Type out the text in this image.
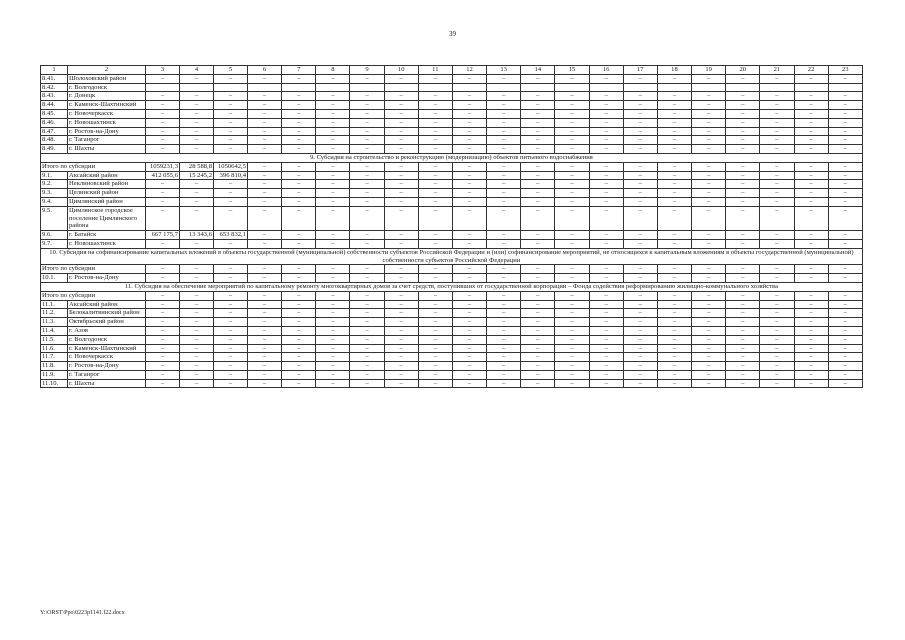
39
1	2	3	4	5	6	7	8	9	10	11	12	13	14	15	16	17	18	19	20	21	22	23
8.41.	Шолоховский район	–	–	–	–	–	–	–	–	–	–	–	–	–	–	–	–	–	–	–	–	–
8.42.	г. Волгодонск																					
8.43.	г. Донецк	–	–	–	–	–	–	–	–	–	–	–	–	–	–	–	–	–	–	–	–	–
8.44.	г. Каменск-Шахтинский	–	–	–	–	–	–	–	–	–	–	–	–	–	–	–	–	–	–	–	–	–
8.45.	г. Новочеркасск	–	–	–	–	–	–	–	–	–	–	–	–	–	–	–	–	–	–	–	–	–
8.46.	г. Новошахтинск	–	–	–	–	–	–	–	–	–	–	–	–	–	–	–	–	–	–	–	–	–
8.47.	г. Ростов-на-Дону	–	–	–	–	–	–	–	–	–	–	–	–	–	–	–	–	–	–	–	–	–
8.48.	г. Таганрог	–	–	–	–	–	–	–	–	–	–	–	–	–	–	–	–	–	–	–	–	–
8.49.	г. Шахты	–	–	–	–	–	–	–	–	–	–	–	–	–	–	–	–	–	–	–	–	–
9. Субсидия на строительство и реконструкцию (модернизацию) объектов питьевого водоснабжения																						
Итого по субсидии		1059231,3	28 588,8	1050642,5	–	–	–	–	–	–	–	–	–	–	–	–	–	–	–	–	–	–
9.1.	Аксайский район	412 055,6	15 245,2	396 810,4	–	–	–	–	–	–	–	–	–	–	–	–	–	–	–	–	–	–
9.2.	Неклиновский район	–	–	–	–	–	–	–	–	–	–	–	–	–	–	–	–	–	–	–	–	–
9.3.	Целинский район	–	–	–	–	–	–	–	–	–	–	–	–	–	–	–	–	–	–	–	–	–
9.4.	Цимлянский район	–	–	–	–	–	–	–	–	–	–	–	–	–	–	–	–	–	–	–	–	–
9.5.	Цимлянское городское поселение Цимлянского района	–	–	–	–	–	–	–	–	–	–	–	–	–	–	–	–	–	–	–	–	–
9.6.	г. Батайск	667 175,7	13 343,6	653 832,1	–	–	–	–	–	–	–	–	–	–	–	–	–	–	–	–	–	–
9.7.	г. Новошахтинск	–	–	–	–	–	–	–	–	–	–	–	–	–	–	–	–	–	–	–	–	–
10. Субсидия на софинансирование капитальных вложений в объекты государственной (муниципальной) собственности субъектов Российской Федерации и (или) софинансирование мероприятий, не относящихся к капитальным вложениям в объекты государственной (муниципальной) собственности субъектов Российской Федерации																						
Итого по субсидии		–	–	–	–	–	–	–	–	–	–	–	–	–	–	–	–	–	–	–	–	–
10.1.	г. Ростов-на-Дону	–	–	–	–	–	–	–	–	–	–	–	–	–	–	–	–	–	–	–	–	–
11. Субсидия на обеспечение мероприятий по капитальному ремонту многоквартирных домов за счет средств, поступивших от государственной корпорации – Фонда содействия реформированию жилищно-коммунального хозяйства																						
Итого по субсидии		–	–	–	–	–	–	–	–	–	–	–	–	–	–	–	–	–	–	–	–	–
11.1.	Аксайский район	–	–	–	–	–	–	–	–	–	–	–	–	–	–	–	–	–	–	–	–	–
11.2.	Белокалитвинский район	–	–	–	–	–	–	–	–	–	–	–	–	–	–	–	–	–	–	–	–	–
11.3.	Октябрьский район	–	–	–	–	–	–	–	–	–	–	–	–	–	–	–	–	–	–	–	–	–
11.4.	г. Азов	–	–	–	–	–	–	–	–	–	–	–	–	–	–	–	–	–	–	–	–	–
11.5.	г. Волгодонск	–	–	–	–	–	–	–	–	–	–	–	–	–	–	–	–	–	–	–	–	–
11.6.	г. Каменск-Шахтинский	–	–	–	–	–	–	–	–	–	–	–	–	–	–	–	–	–	–	–	–	–
11.7.	г. Новочеркасск	–	–	–	–	–	–	–	–	–	–	–	–	–	–	–	–	–	–	–	–	–
11.8.	г. Ростов-на-Дону	–	–	–	–	–	–	–	–	–	–	–	–	–	–	–	–	–	–	–	–	–
11.9.	г. Таганрог	–	–	–	–	–	–	–	–	–	–	–	–	–	–	–	–	–	–	–	–	–
11.10.	г. Шахты	–	–	–	–	–	–	–	–	–	–	–	–	–	–	–	–	–	–	–	–	–
Y:\ORST\Ppo\0223p1141.f22.docx
